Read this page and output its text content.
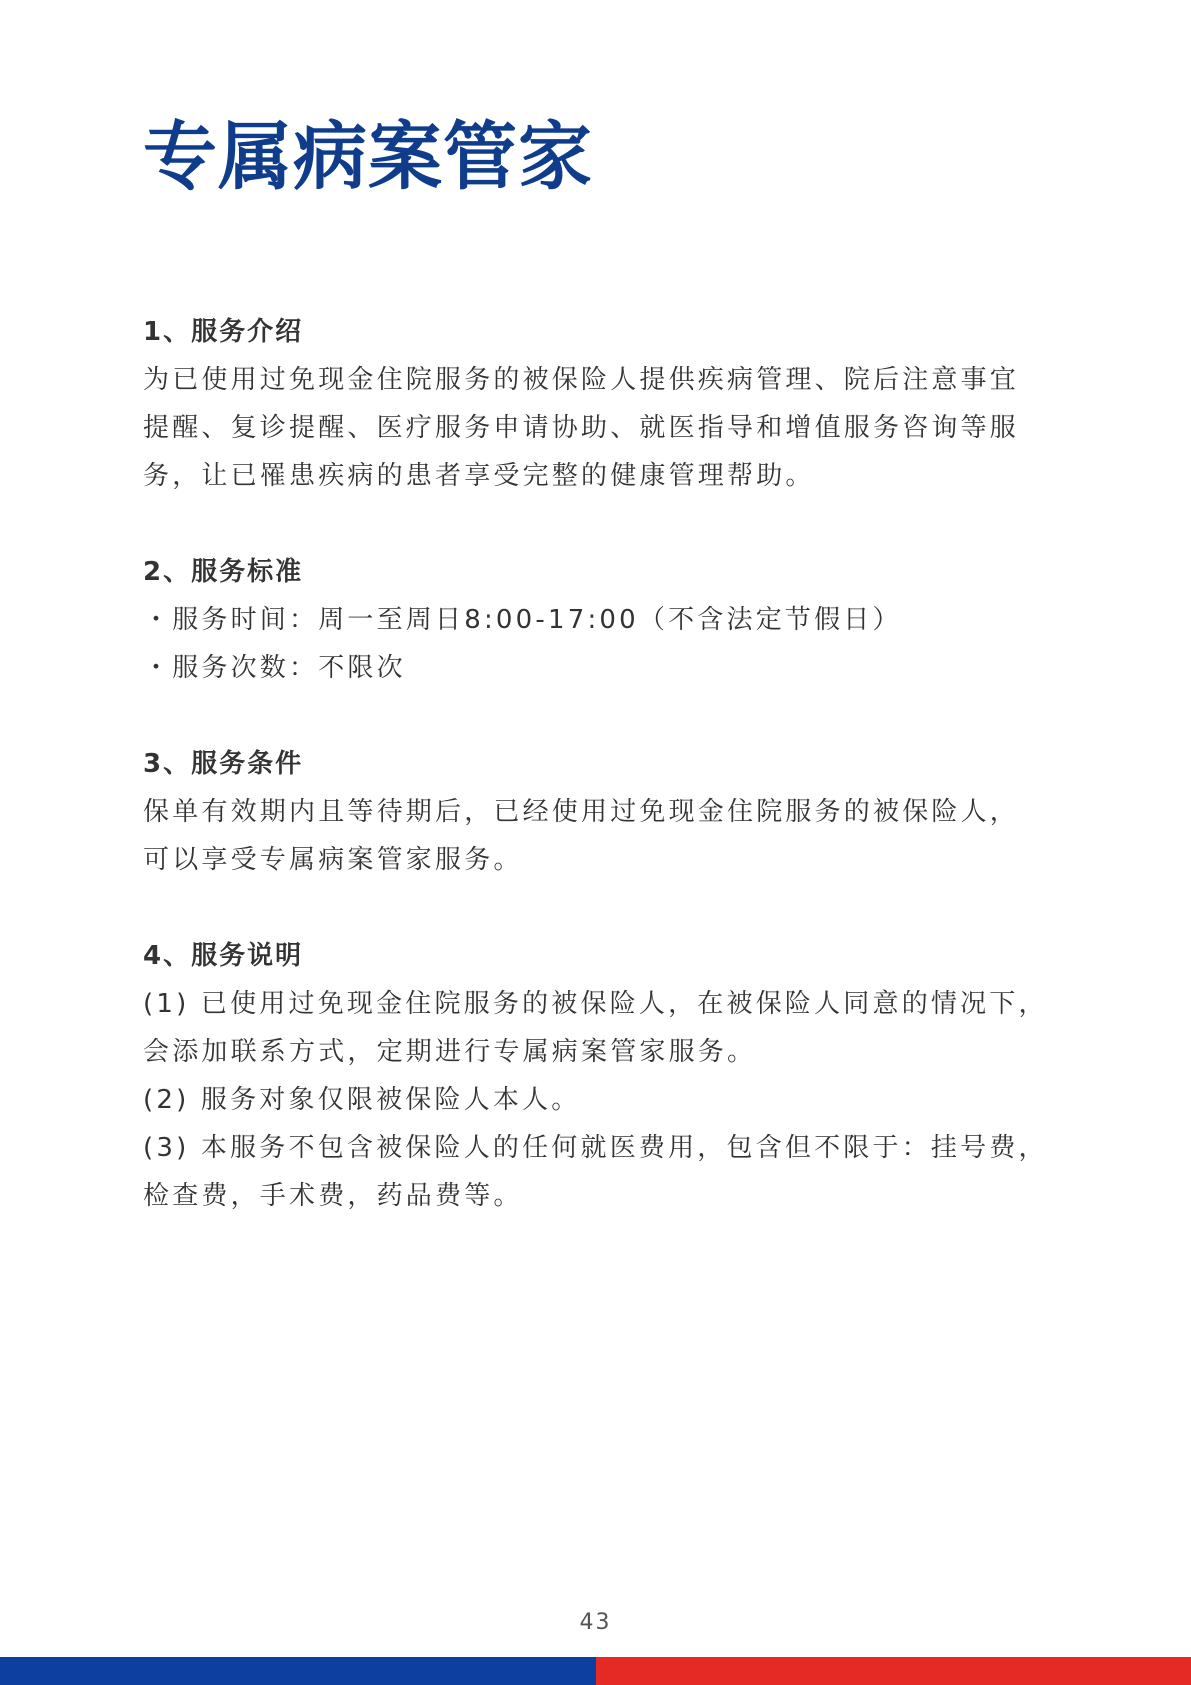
专属病案管家
1、服务介绍

为已使用过免现金住院服务的被保险人提供疾病管理、院后注意事宜
提醒、复诊提醒、医疗服务申请协助、就医指导和增值服务咨询等服
务，让已罹患疾病的患者享受完整的健康管理帮助。

2、服务标准

・服务时间：周一至周日8:00-17:00（不含法定节假日）
・服务次数：不限次

3、服务条件

保单有效期内且等待期后，已经使用过免现金住院服务的被保险人，
可以享受专属病案管家服务。

4、服务说明

(1) 已使用过免现金住院服务的被保险人，在被保险人同意的情况下，
会添加联系方式，定期进行专属病案管家服务。
(2) 服务对象仅限被保险人本人。
(3) 本服务不包含被保险人的任何就医费用，包含但不限于：挂号费，
检查费，手术费，药品费等。

43
